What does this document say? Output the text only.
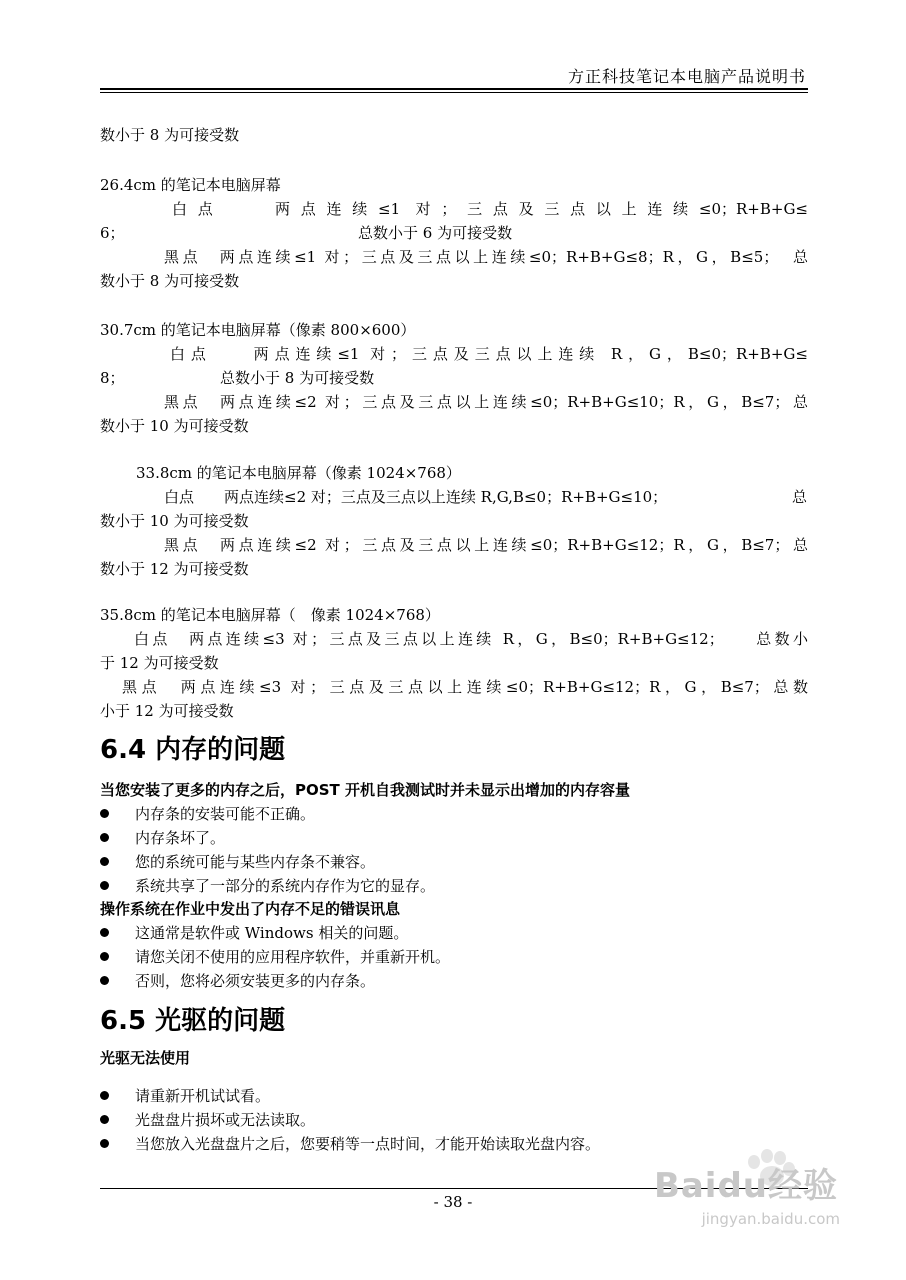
方正科技笔记本电脑产品说明书
数小于 8 为可接受数
26.4cm 的笔记本电脑屏幕
白点　　两点连续≤1 对；三点及三点以上连续≤0；R+B+G≤
6；	总数小于 6 为可接受数
黑点　两点连续≤1 对；三点及三点以上连续≤0；R+B+G≤8；R，G，B≤5；　总
数小于 8 为可接受数
30.7cm 的笔记本电脑屏幕（像素 800×600）
白点　　两点连续≤1 对；三点及三点以上连续 R，G，B≤0；R+B+G≤
8；	总数小于 8 为可接受数
黑点　两点连续≤2 对；三点及三点以上连续≤0；R+B+G≤10；R，G，B≤7；总
数小于 10 为可接受数
33.8cm 的笔记本电脑屏幕（像素 1024×768）
白点　　两点连续≤2 对；三点及三点以上连续 R,G,B≤0；R+B+G≤10；	总
数小于 10 为可接受数
黑点　两点连续≤2 对；三点及三点以上连续≤0；R+B+G≤12；R，G，B≤7；总
数小于 12 为可接受数
35.8cm 的笔记本电脑屏幕（　像素 1024×768）
白点　两点连续≤3 对；三点及三点以上连续 R，G，B≤0；R+B+G≤12；　　总数小
于 12 为可接受数
黑点　两点连续≤3 对；三点及三点以上连续≤0；R+B+G≤12；R，G，B≤7；总数
小于 12 为可接受数
6.4 内存的问题
当您安装了更多的内存之后，POST 开机自我测试时并未显示出增加的内存容量
内存条的安装可能不正确。
内存条坏了。
您的系统可能与某些内存条不兼容。
系统共享了一部分的系统内存作为它的显存。
操作系统在作业中发出了内存不足的错误讯息
这通常是软件或 Windows 相关的问题。
请您关闭不使用的应用程序软件，并重新开机。
否则，您将必须安装更多的内存条。
6.5 光驱的问题
光驱无法使用
请重新开机试试看。
光盘盘片损坏或无法读取。
当您放入光盘盘片之后，您要稍等一点时间，才能开始读取光盘内容。
- 38 -	Baidu经验
jingyan.baidu.com
